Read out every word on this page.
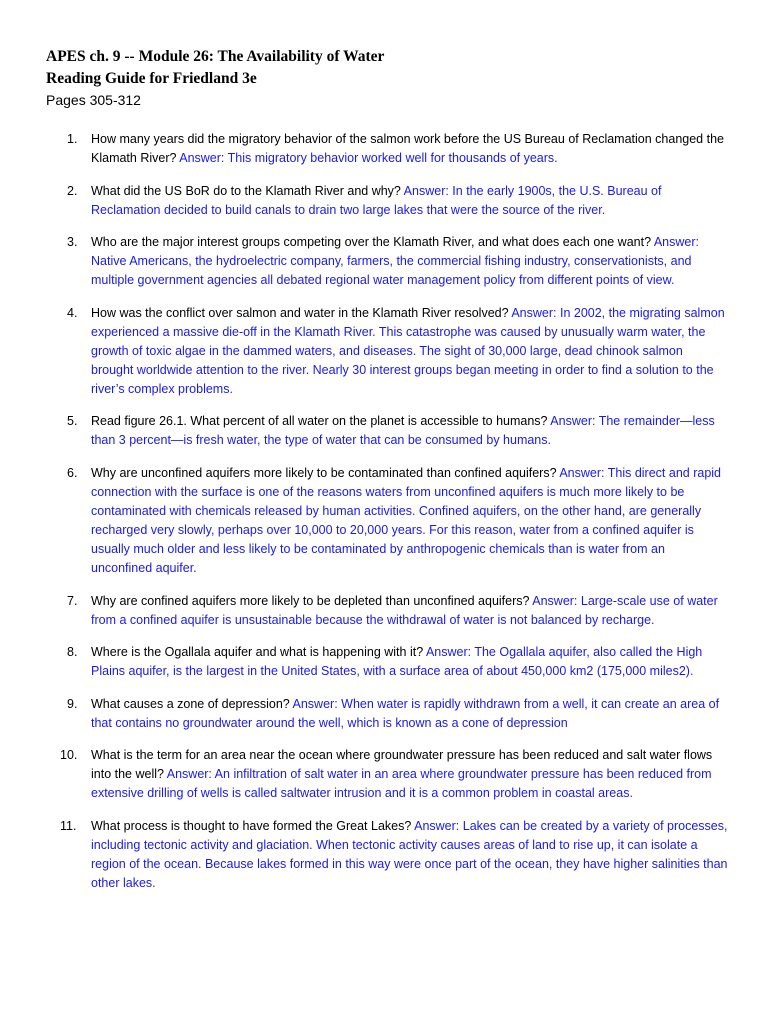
APES ch. 9 -- Module 26: The Availability of Water
Reading Guide for Friedland 3e
Pages 305-312
1. How many years did the migratory behavior of the salmon work before the US Bureau of Reclamation changed the Klamath River? Answer: This migratory behavior worked well for thousands of years.
2. What did the US BoR do to the Klamath River and why? Answer: In the early 1900s, the U.S. Bureau of Reclamation decided to build canals to drain two large lakes that were the source of the river.
3. Who are the major interest groups competing over the Klamath River, and what does each one want? Answer: Native Americans, the hydroelectric company, farmers, the commercial fishing industry, conservationists, and multiple government agencies all debated regional water management policy from different points of view.
4. How was the conflict over salmon and water in the Klamath River resolved? Answer: In 2002, the migrating salmon experienced a massive die-off in the Klamath River. This catastrophe was caused by unusually warm water, the growth of toxic algae in the dammed waters, and diseases. The sight of 30,000 large, dead chinook salmon brought worldwide attention to the river. Nearly 30 interest groups began meeting in order to find a solution to the river’s complex problems.
5. Read figure 26.1. What percent of all water on the planet is accessible to humans? Answer: The remainder—less than 3 percent—is fresh water, the type of water that can be consumed by humans.
6. Why are unconfined aquifers more likely to be contaminated than confined aquifers? Answer: This direct and rapid connection with the surface is one of the reasons waters from unconfined aquifers is much more likely to be contaminated with chemicals released by human activities. Confined aquifers, on the other hand, are generally recharged very slowly, perhaps over 10,000 to 20,000 years. For this reason, water from a confined aquifer is usually much older and less likely to be contaminated by anthropogenic chemicals than is water from an unconfined aquifer.
7. Why are confined aquifers more likely to be depleted than unconfined aquifers? Answer: Large-scale use of water from a confined aquifer is unsustainable because the withdrawal of water is not balanced by recharge.
8. Where is the Ogallala aquifer and what is happening with it? Answer: The Ogallala aquifer, also called the High Plains aquifer, is the largest in the United States, with a surface area of about 450,000 km2 (175,000 miles2).
9. What causes a zone of depression? Answer: When water is rapidly withdrawn from a well, it can create an area of that contains no groundwater around the well, which is known as a cone of depression
10. What is the term for an area near the ocean where groundwater pressure has been reduced and salt water flows into the well? Answer: An infiltration of salt water in an area where groundwater pressure has been reduced from extensive drilling of wells is called saltwater intrusion and it is a common problem in coastal areas.
11. What process is thought to have formed the Great Lakes? Answer: Lakes can be created by a variety of processes, including tectonic activity and glaciation. When tectonic activity causes areas of land to rise up, it can isolate a region of the ocean. Because lakes formed in this way were once part of the ocean, they have higher salinities than other lakes.
